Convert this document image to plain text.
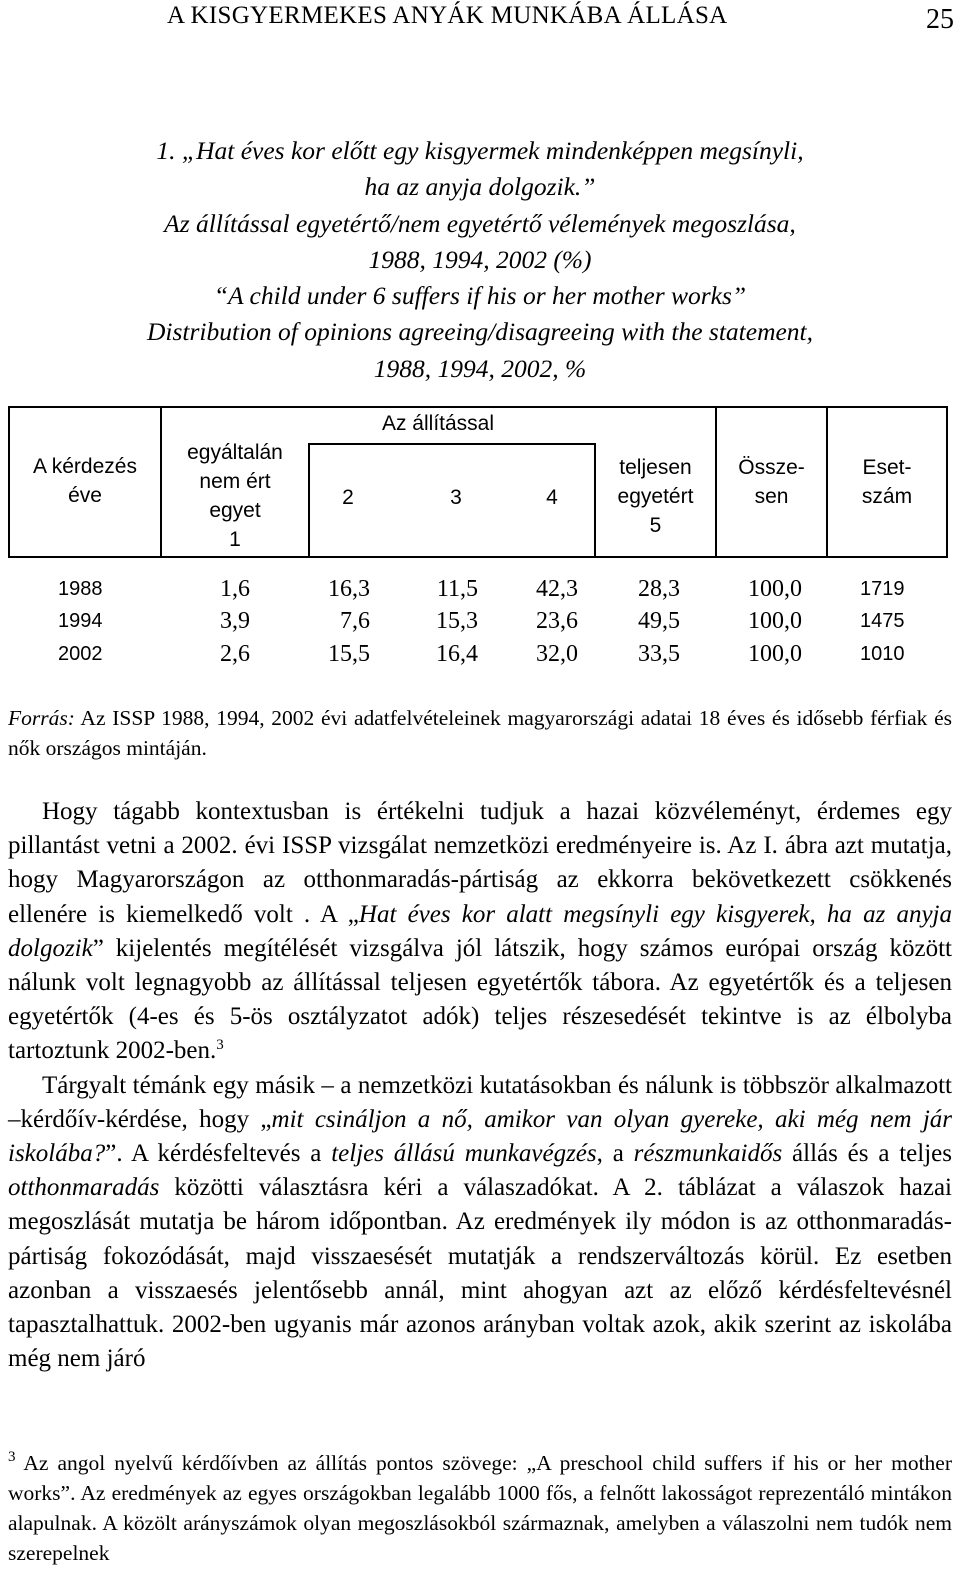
A KISGYERMEKES ANYÁK MUNKÁBA ÁLLÁSA	25
1. „Hat éves kor előtt egy kisgyermek mindenképpen megsínyli,
ha az anyja dolgozik.”
Az állítással egyetértő/nem egyetértő vélemények megoszlása,
1988, 1994, 2002 (%)
“A child under 6 suffers if his or her mother works”
Distribution of opinions agreeing/disagreeing with the statement,
1988, 1994, 2002, %
A kérdezés
éve
egyáltalán
nem ért
egyet
1
Az állítással
2	3	4
teljesen
egyetért
5
Össze-
sen
Eset-
szám
1988	1,6	16,3	11,5	42,3	28,3	100,0	1719
1994	3,9	7,6	15,3	23,6	49,5	100,0	1475
2002	2,6	15,5	16,4	32,0	33,5	100,0	1010
Forrás: Az ISSP 1988, 1994, 2002 évi adatfelvételeinek magyarországi adatai 18 éves és idősebb férfiak és nők országos mintáján.

Hogy tágabb kontextusban is értékelni tudjuk a hazai közvéleményt, érdemes egy pillantást vetni a 2002. évi ISSP vizsgálat nemzetközi eredményeire is. Az I. ábra azt mutatja, hogy Magyarországon az otthonmaradás-pártiság az ekkorra bekövetkezett csökkenés ellenére is kiemelkedő volt . A „Hat éves kor alatt megsínyli egy kisgyerek, ha az anyja dolgozik” kijelentés megítélését vizsgálva jól látszik, hogy számos európai ország között nálunk volt legnagyobb az állítással teljesen egyetértők tábora. Az egyetértők és a teljesen egyetértők (4-es és 5-ös osztályzatot adók) teljes részesedését tekintve is az élbolyba tartoztunk 2002-ben.$^3$

Tárgyalt témánk egy másik – a nemzetközi kutatásokban és nálunk is többször alkalmazott –kérdőív-kérdése, hogy „mit csináljon a nő, amikor van olyan gyereke, aki még nem jár iskolába?”. A kérdésfeltevés a teljes állású munkavégzés, a részmunkaidős állás és a teljes otthonmaradás közötti választásra kéri a válaszadókat. A 2. táblázat a válaszok hazai megoszlását mutatja be három időpontban. Az eredmények ily módon is az otthonmaradás-pártiság fokozódását, majd visszaesését mutatják a rendszerváltozás körül. Ez esetben azonban a visszaesés jelentősebb annál, mint ahogyan azt az előző kérdésfeltevésnél tapasztalhattuk. 2002-ben ugyanis már azonos arányban voltak azok, akik szerint az iskolába még nem járó

$^3$ Az angol nyelvű kérdőívben az állítás pontos szövege: „A preschool child suffers if his or her mother works”. Az eredmények az egyes országokban legalább 1000 fős, a felnőtt lakosságot reprezentáló mintákon alapulnak. A közölt arányszámok olyan megoszlásokból származnak, amelyben a válaszolni nem tudók nem szerepelnek
